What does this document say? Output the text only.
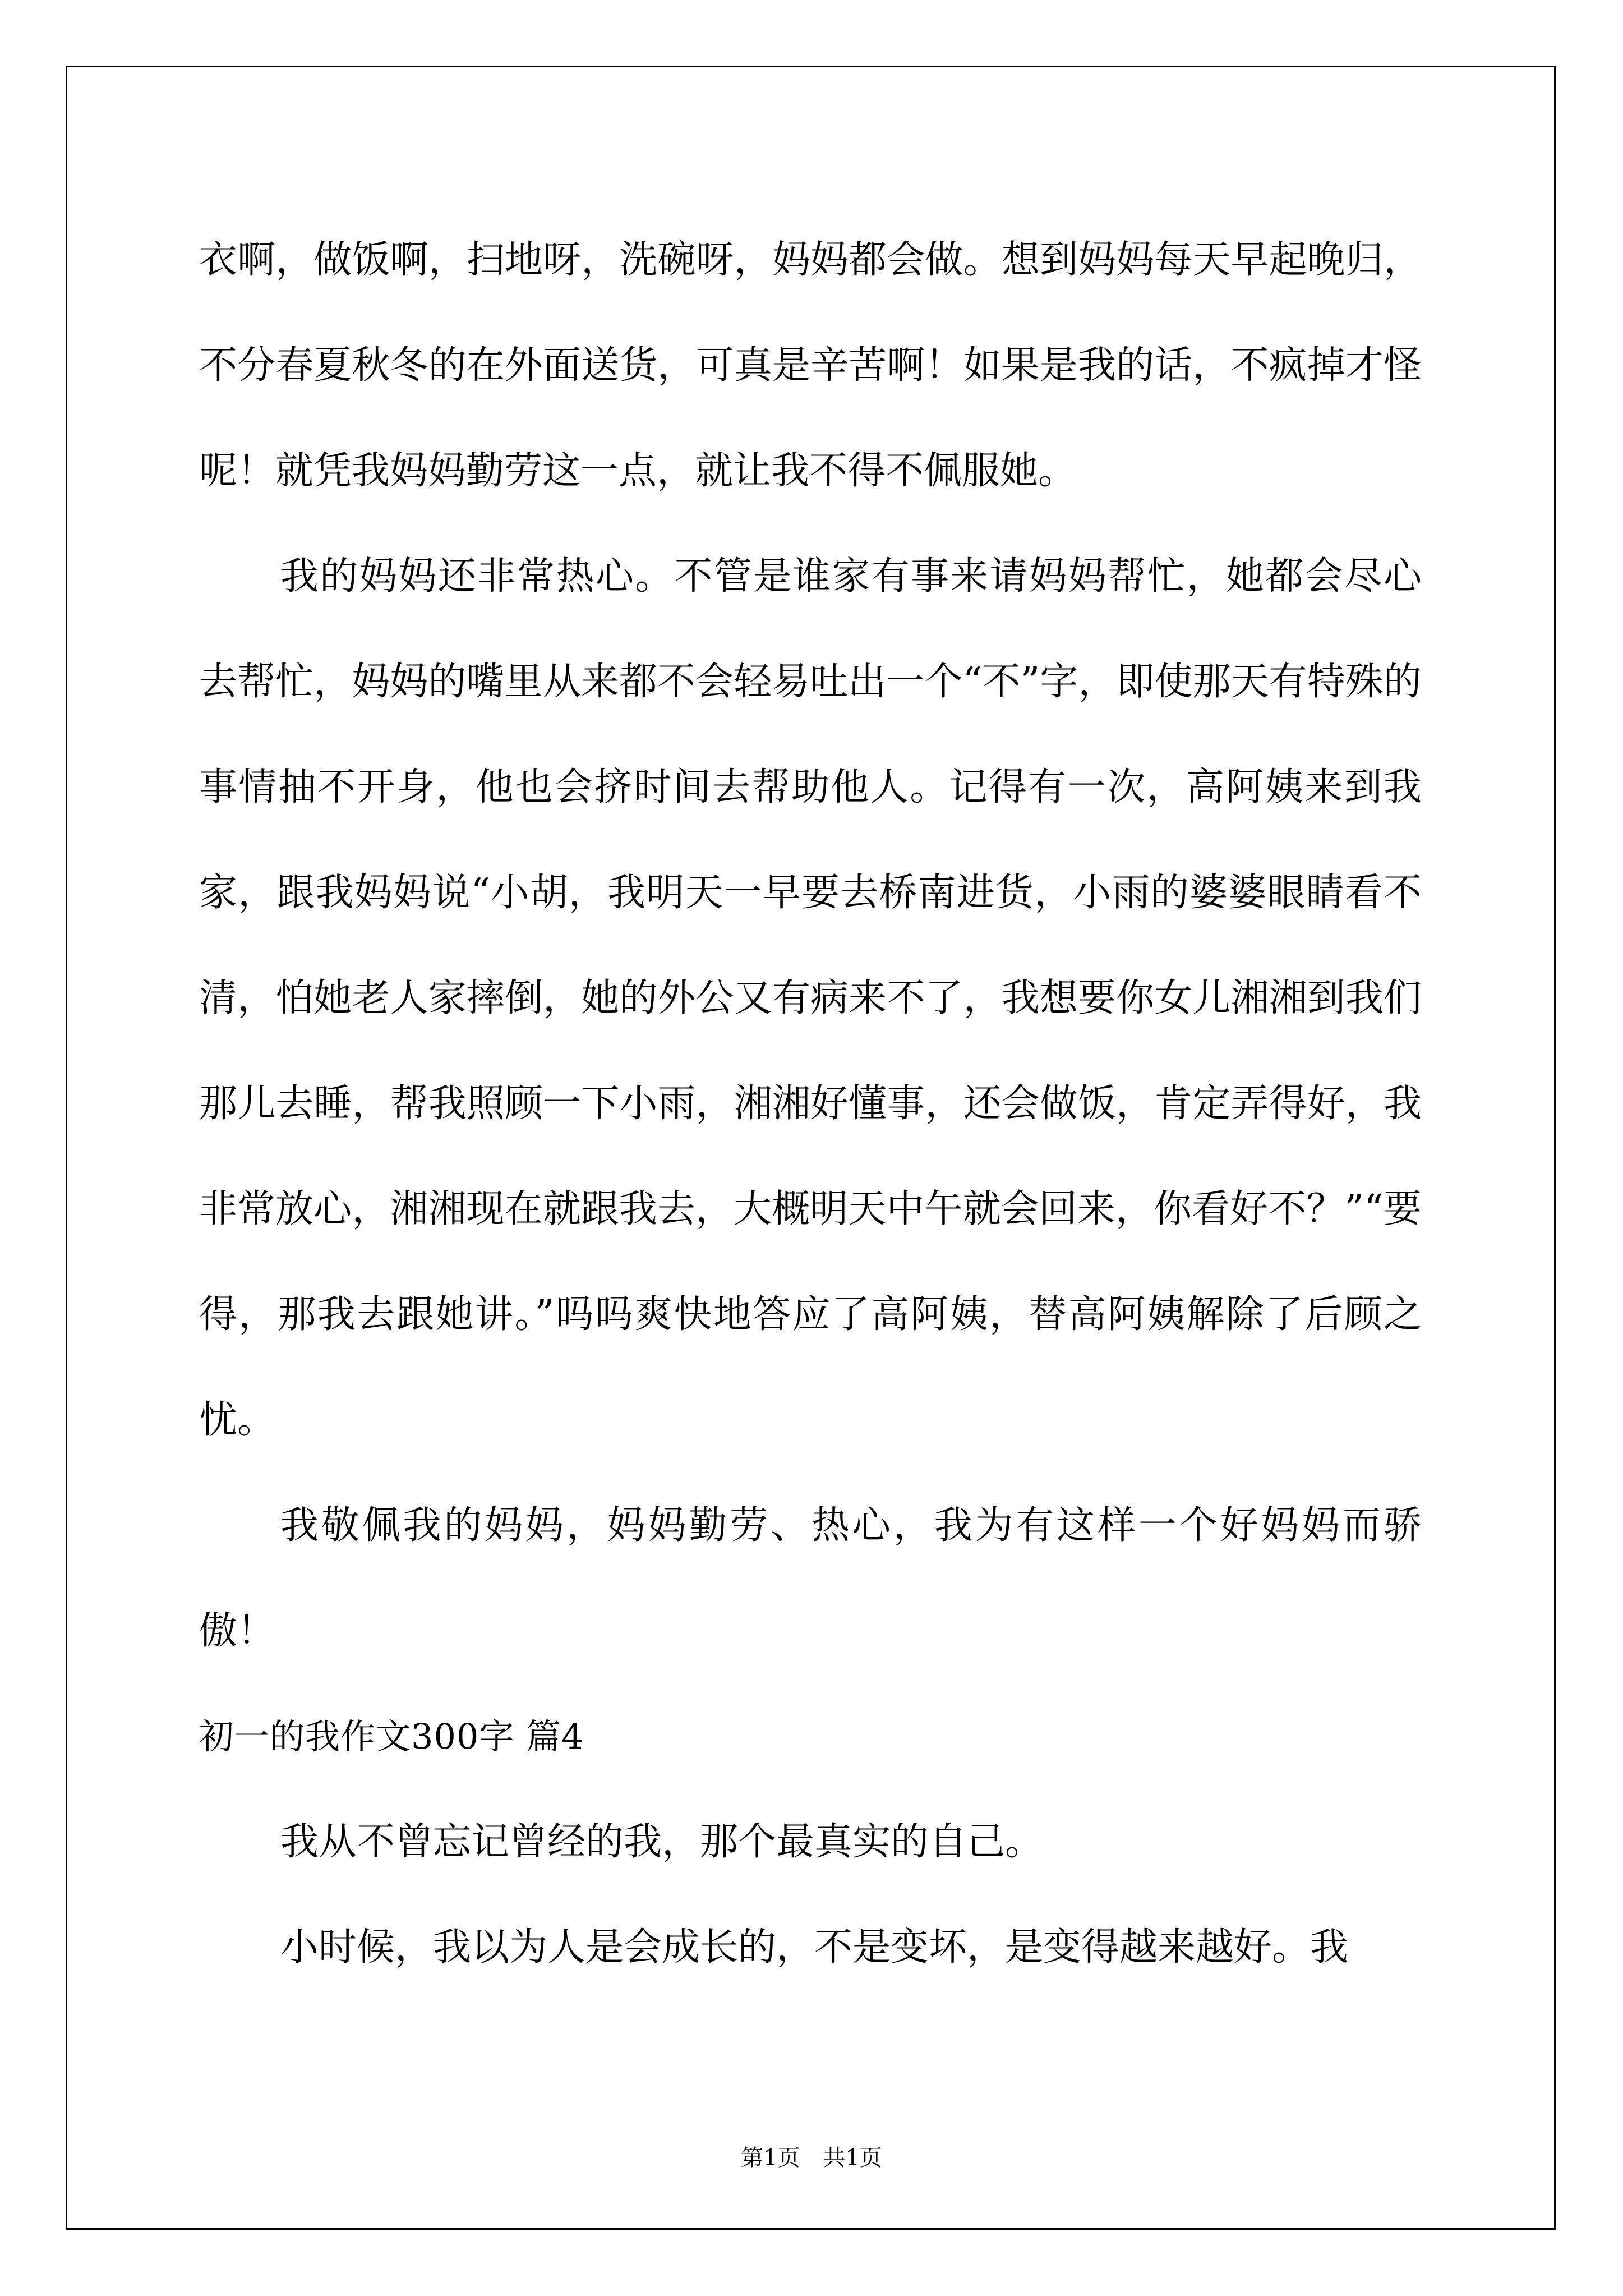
衣啊，做饭啊，扫地呀，洗碗呀，妈妈都会做。想到妈妈每天早起晚归，不分春夏秋冬的在外面送货，可真是辛苦啊！如果是我的话，不疯掉才怪呢！就凭我妈妈勤劳这一点，就让我不得不佩服她。

我的妈妈还非常热心。不管是谁家有事来请妈妈帮忙，她都会尽心去帮忙，妈妈的嘴里从来都不会轻易吐出一个“不”字，即使那天有特殊的事情抽不开身，他也会挤时间去帮助他人。记得有一次，高阿姨来到我家，跟我妈妈说“小胡，我明天一早要去桥南进货，小雨的婆婆眼睛看不清，怕她老人家摔倒，她的外公又有病来不了，我想要你女儿湘湘到我们那儿去睡，帮我照顾一下小雨，湘湘好懂事，还会做饭，肯定弄得好，我非常放心，湘湘现在就跟我去，大概明天中午就会回来，你看好不？”“要得，那我去跟她讲。”吗吗爽快地答应了高阿姨，替高阿姨解除了后顾之忧。

我敬佩我的妈妈，妈妈勤劳、热心，我为有这样一个好妈妈而骄傲！

初一的我作文300字 篇4

我从不曾忘记曾经的我，那个最真实的自己。

小时候，我以为人是会成长的，不是变坏，是变得越来越好。我

第1页 共1页
